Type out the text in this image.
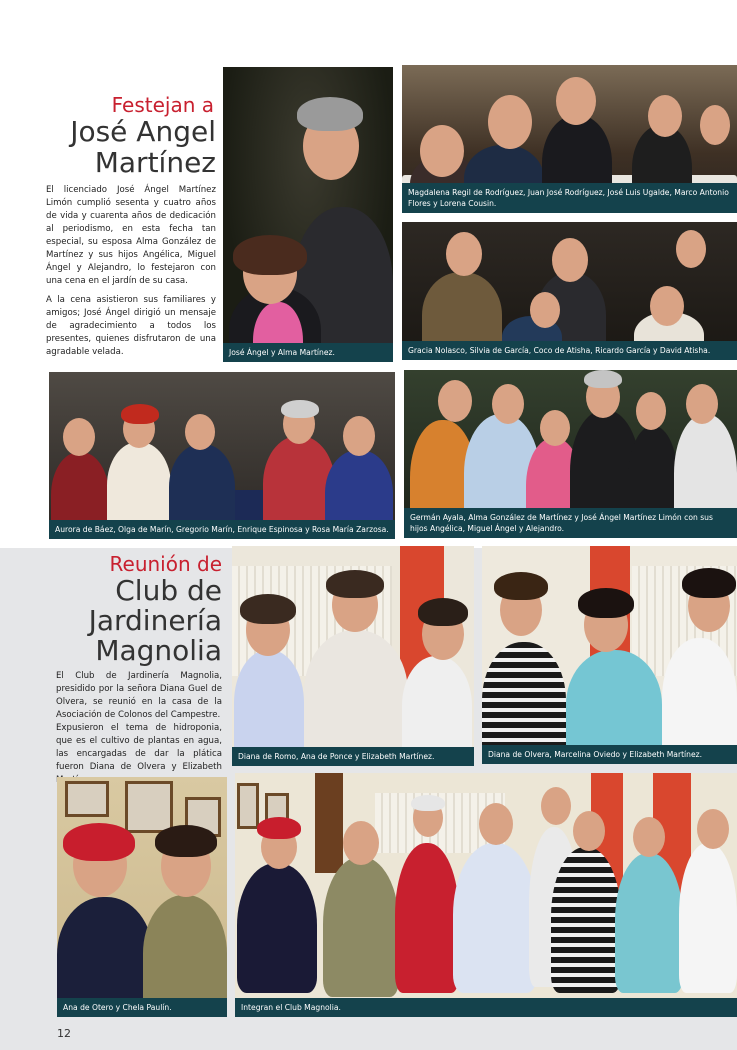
Festejan a
José Angel
Martínez

El licenciado José Ángel Martínez Limón cumplió sesenta y cuatro años de vida y cuarenta años de dedicación al periodismo, en esta fecha tan especial, su esposa Alma González de Martínez y sus hijos Angélica, Miguel Ángel y Alejandro, lo festejaron con una cena en el jardín de su casa.

A la cena asistieron sus familiares y amigos; José Ángel dirigió un mensaje de agradecimiento a todos los presentes, quienes disfrutaron de una agradable velada.	José Ángel y Alma Martínez.
Magdalena Regil de Rodríguez, Juan José Rodríguez, José Luis Ugalde, Marco Antonio Flores y Lorena Cousin.
Gracia Nolasco, Silvia de García, Coco de Atisha, Ricardo García y David Atisha.
Aurora de Báez, Olga de Marín, Gregorio Marín, Enrique Espinosa y Rosa María Zarzosa.
Germán Ayala, Alma González de Martínez y José Ángel Martínez Limón con sus hijos Angélica, Miguel Ángel y Alejandro.
Reunión de
Club de
Jardinería
Magnolia

El Club de Jardinería Magnolia, presidido por la señora Diana Guel de Olvera, se reunió en la casa de la Asociación de Colonos del Campestre.

Expusieron el tema de hidroponia, que es el cultivo de plantas en agua, las encargadas de dar la plática fueron Diana de Olvera y Elizabeth

Diana de Romo, Ana de Ponce y Elizabeth Martínez.	Diana de Olvera, Marcelina Oviedo y Elizabeth Martínez.
Ana de Otero y Chela Paulín.	Integran el Club Magnolia.
12
